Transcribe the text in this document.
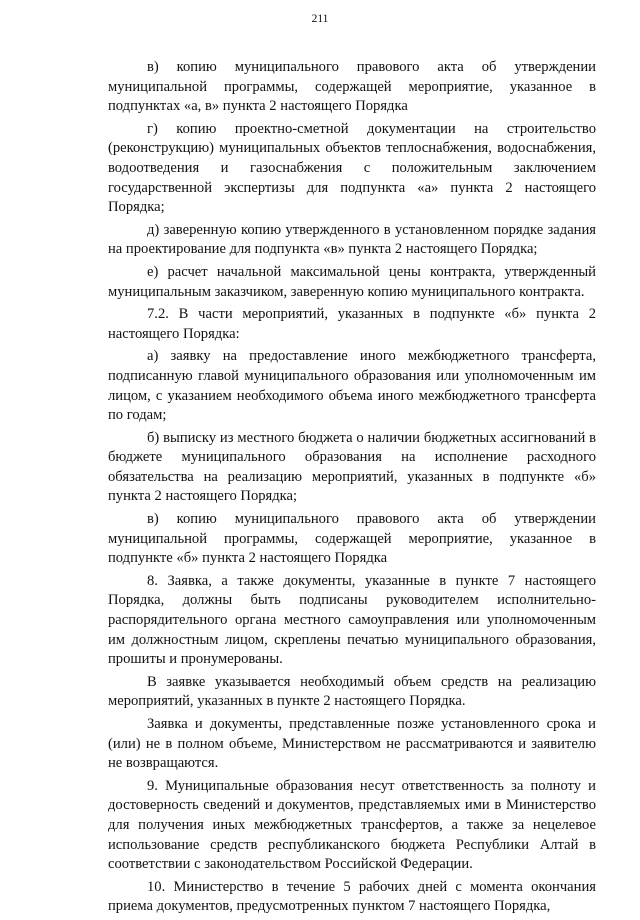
211

в) копию муниципального правового акта об утверждении муниципальной программы, содержащей мероприятие, указанное в подпунктах «а, в» пункта 2 настоящего Порядка

г) копию проектно-сметной документации на строительство (реконструкцию) муниципальных объектов теплоснабжения, водоснабжения, водоотведения и газоснабжения с положительным заключением государственной экспертизы для подпункта «а» пункта 2 настоящего Порядка;

д) заверенную копию утвержденного в установленном порядке задания на проектирование для подпункта «в» пункта 2 настоящего Порядка;

е) расчет начальной максимальной цены контракта, утвержденный муниципальным заказчиком, заверенную копию муниципального контракта.

7.2. В части мероприятий, указанных в подпункте «б» пункта 2 настоящего Порядка:

а) заявку на предоставление иного межбюджетного трансферта, подписанную главой муниципального образования или уполномоченным им лицом, с указанием необходимого объема иного межбюджетного трансферта по годам;

б) выписку из местного бюджета о наличии бюджетных ассигнований в бюджете муниципального образования на исполнение расходного обязательства на реализацию мероприятий, указанных в подпункте «б» пункта 2 настоящего Порядка;

в) копию муниципального правового акта об утверждении муниципальной программы, содержащей мероприятие, указанное в подпункте «б» пункта 2 настоящего Порядка

8. Заявка, а также документы, указанные в пункте 7 настоящего Порядка, должны быть подписаны руководителем исполнительно-распорядительного органа местного самоуправления или уполномоченным им должностным лицом, скреплены печатью муниципального образования, прошиты и пронумерованы.

В заявке указывается необходимый объем средств на реализацию мероприятий, указанных в пункте 2 настоящего Порядка.

Заявка и документы, представленные позже установленного срока и (или) не в полном объеме, Министерством не рассматриваются и заявителю не возвращаются.

9. Муниципальные образования несут ответственность за полноту и достоверность сведений и документов, представляемых ими в Министерство для получения иных межбюджетных трансфертов, а также за нецелевое использование средств республиканского бюджета Республики Алтай в соответствии с законодательством Российской Федерации.

10. Министерство в течение 5 рабочих дней с момента окончания приема документов, предусмотренных пунктом 7 настоящего Порядка,
